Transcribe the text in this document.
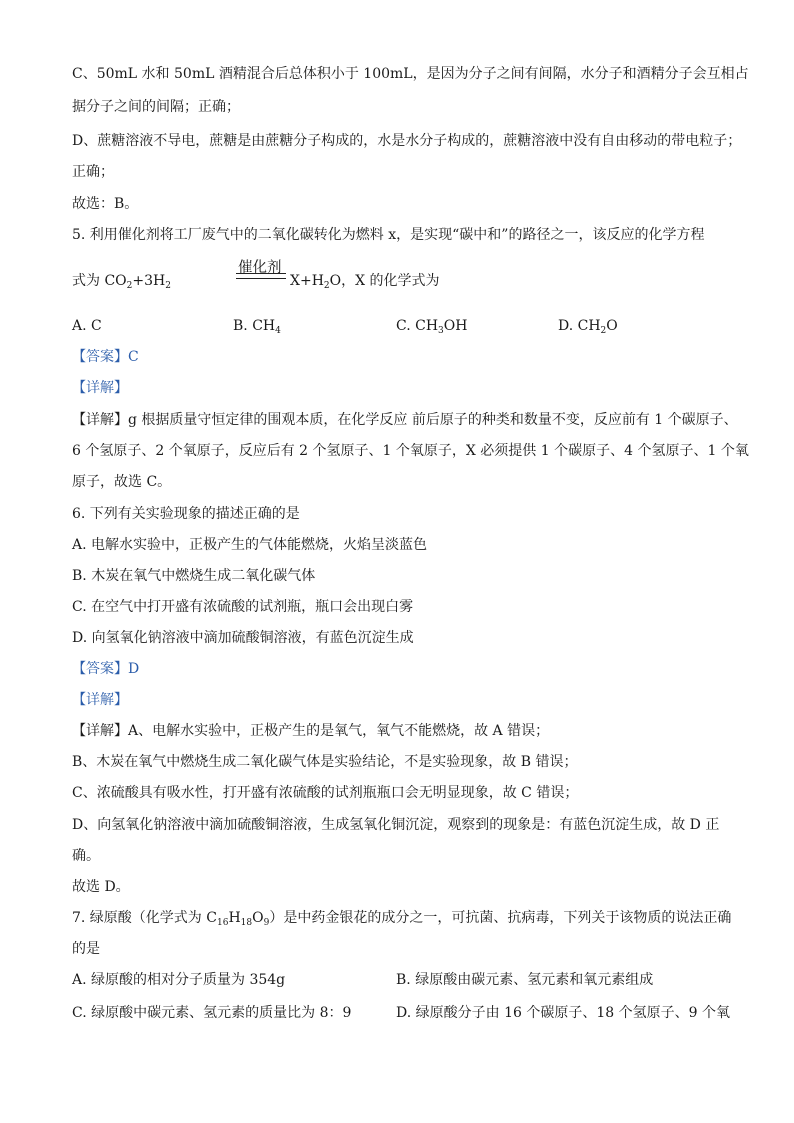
C、50mL 水和 50mL 酒精混合后总体积小于 100mL，是因为分子之间有间隔，水分子和酒精分子会互相占
据分子之间的间隔；正确；
D、蔗糖溶液不导电，蔗糖是由蔗糖分子构成的，水是水分子构成的，蔗糖溶液中没有自由移动的带电粒子；
正确；
故选：B。
5. 利用催化剂将工厂废气中的二氧化碳转化为燃料 x，是实现“碳中和”的路径之一，该反应的化学方程
式为 $CO_2+3H_2$
催化剂
$X+H_2O$，X 的化学式为
A. C	B. $CH_4$	C. $CH_3OH$	D. $CH_2O$
【答案】C
【详解】
【详解】g 根据质量守恒定律的围观本质，在化学反应 前后原子的种类和数量不变，反应前有 1 个碳原子、
6 个氢原子、2 个氧原子，反应后有 2 个氢原子、1 个氧原子，X 必须提供 1 个碳原子、4 个氢原子、1 个氧
原子，故选 C。
6. 下列有关实验现象的描述正确的是
A. 电解水实验中，正极产生的气体能燃烧，火焰呈淡蓝色
B. 木炭在氧气中燃烧生成二氧化碳气体
C. 在空气中打开盛有浓硫酸的试剂瓶，瓶口会出现白雾
D. 向氢氧化钠溶液中滴加硫酸铜溶液，有蓝色沉淀生成
【答案】D
【详解】
【详解】A、电解水实验中，正极产生的是氧气，氧气不能燃烧，故 A 错误；
B、木炭在氧气中燃烧生成二氧化碳气体是实验结论，不是实验现象，故 B 错误；
C、浓硫酸具有吸水性，打开盛有浓硫酸的试剂瓶瓶口会无明显现象，故 C 错误；
D、向氢氧化钠溶液中滴加硫酸铜溶液，生成氢氧化铜沉淀，观察到的现象是：有蓝色沉淀生成，故 D 正
确。
故选 D。
7. 绿原酸（化学式为 $C_{16}H_{18}O_9$）是中药金银花的成分之一，可抗菌、抗病毒，下列关于该物质的说法正确
的是
A. 绿原酸的相对分子质量为 354g	B. 绿原酸由碳元素、氢元素和氧元素组成
C. 绿原酸中碳元素、氢元素的质量比为 8：9	D. 绿原酸分子由 16 个碳原子、18 个氢原子、9 个氧
